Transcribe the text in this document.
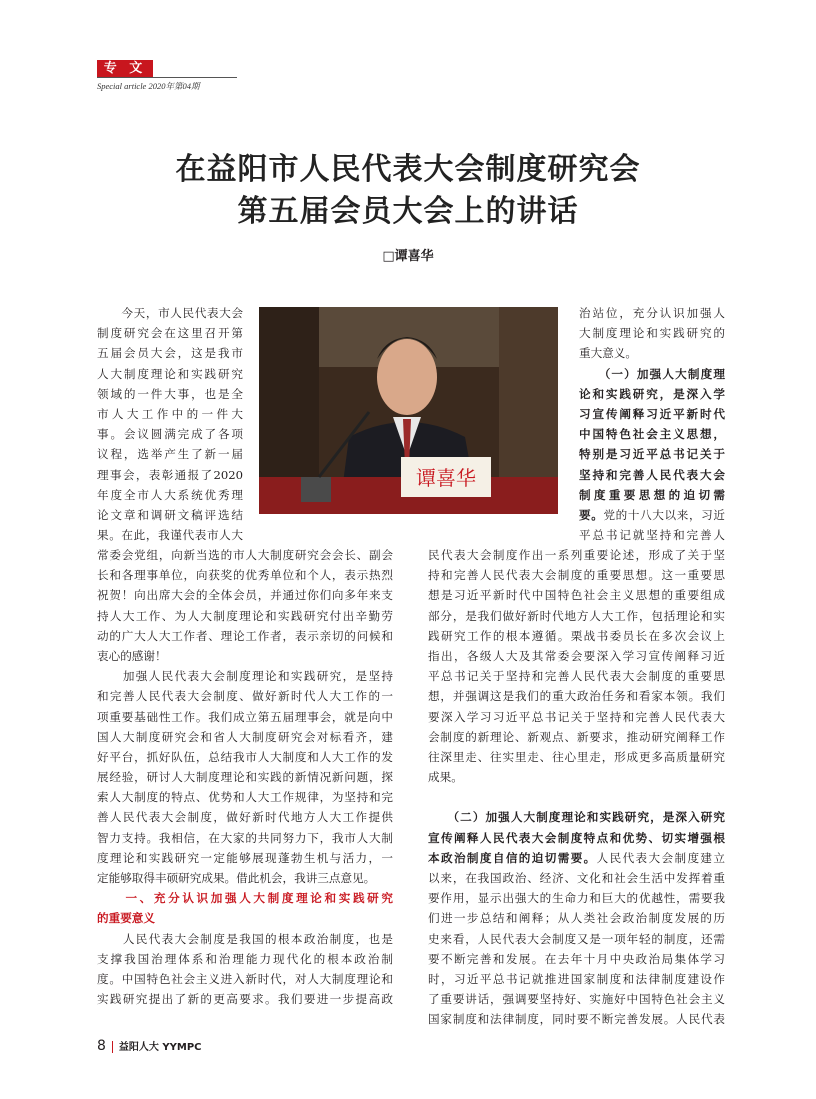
专 文
Special article 2020年第04期
在益阳市人民代表大会制度研究会
第五届会员大会上的讲话
□谭喜华
　　今天，市人民代表大会
制度研究会在这里召开第
五届会员大会，这是我市
人大制度理论和实践研究
领域的一件大事，也是全
市人大工作中的一件大
事。会议圆满完成了各项
议程，选举产生了新一届
理事会，表彰通报了2020
年度全市人大系统优秀理
论文章和调研文稿评选结
果。在此，我谨代表市人大
谭喜华
治站位，充分认识加强人
大制度理论和实践研究的
重大意义。
　　（一）加强人大制度理
论和实践研究，是深入学
习宣传阐释习近平新时代
中国特色社会主义思想，
特别是习近平总书记关于
坚持和完善人民代表大会
制度重要思想的迫切需
要。党的十八大以来，习近
平总书记就坚持和完善人
常委会党组，向新当选的市人大制度研究会会长、副会
长和各理事单位，向获奖的优秀单位和个人，表示热烈
祝贺！向出席大会的全体会员，并通过你们向多年来支
持人大工作、为人大制度理论和实践研究付出辛勤劳
动的广大人大工作者、理论工作者，表示亲切的问候和
衷心的感谢！
　　加强人民代表大会制度理论和实践研究，是坚持
和完善人民代表大会制度、做好新时代人大工作的一
项重要基础性工作。我们成立第五届理事会，就是向中
国人大制度研究会和省人大制度研究会对标看齐，建
好平台，抓好队伍，总结我市人大制度和人大工作的发
展经验，研讨人大制度理论和实践的新情况新问题，探
索人大制度的特点、优势和人大工作规律，为坚持和完
善人民代表大会制度，做好新时代地方人大工作提供
智力支持。我相信，在大家的共同努力下，我市人大制
度理论和实践研究一定能够展现蓬勃生机与活力，一
定能够取得丰硕研究成果。借此机会，我讲三点意见。
　　一、充分认识加强人大制度理论和实践研究
的重要意义
　　人民代表大会制度是我国的根本政治制度，也是
支撑我国治理体系和治理能力现代化的根本政治制
度。中国特色社会主义进入新时代，对人大制度理论和
实践研究提出了新的更高要求。我们要进一步提高政
民代表大会制度作出一系列重要论述，形成了关于坚
持和完善人民代表大会制度的重要思想。这一重要思
想是习近平新时代中国特色社会主义思想的重要组成
部分，是我们做好新时代地方人大工作，包括理论和实
践研究工作的根本遵循。栗战书委员长在多次会议上
指出，各级人大及其常委会要深入学习宣传阐释习近
平总书记关于坚持和完善人民代表大会制度的重要思
想，并强调这是我们的重大政治任务和看家本领。我们
要深入学习习近平总书记关于坚持和完善人民代表大
会制度的新理论、新观点、新要求，推动研究阐释工作
往深里走、往实里走、往心里走，形成更多高质量研究
成果。

　　（二）加强人大制度理论和实践研究，是深入研究
宣传阐释人民代表大会制度特点和优势、切实增强根
本政治制度自信的迫切需要。人民代表大会制度建立
以来，在我国政治、经济、文化和社会生活中发挥着重
要作用，显示出强大的生命力和巨大的优越性，需要我
们进一步总结和阐释；从人类社会政治制度发展的历
史来看，人民代表大会制度又是一项年轻的制度，还需
要不断完善和发展。在去年十月中央政治局集体学习
时，习近平总书记就推进国家制度和法律制度建设作
了重要讲话，强调要坚持好、实施好中国特色社会主义
国家制度和法律制度，同时要不断完善发展。人民代表
8 益阳人大 YYMPC
